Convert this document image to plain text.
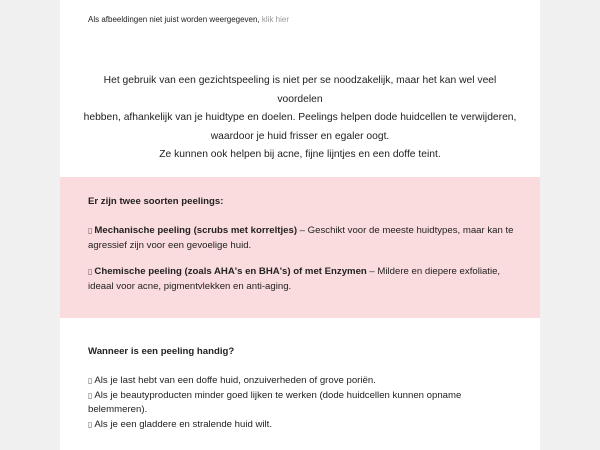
Als afbeeldingen niet juist worden weergegeven, klik hier

Het gebruik van een gezichtspeeling is niet per se noodzakelijk, maar het kan wel veel voordelen

hebben, afhankelijk van je huidtype en doelen. Peelings helpen dode huidcellen te verwijderen,

waardoor je huid frisser en egaler oogt.

Ze kunnen ook helpen bij acne, fijne lijntjes en een doffe teint.

Er zijn twee soorten peelings:

▯ Mechanische peeling (scrubs met korreltjes) – Geschikt voor de meeste huidtypes, maar kan te agressief zijn voor een gevoelige huid.

▯ Chemische peeling (zoals AHA's en BHA's) of met Enzymen – Mildere en diepere exfoliatie, ideaal voor acne, pigmentvlekken en anti-aging.

Wanneer is een peeling handig?

▯ Als je last hebt van een doffe huid, onzuiverheden of grove poriën.

▯ Als je beautyproducten minder goed lijken te werken (dode huidcellen kunnen opname belemmeren).

▯ Als je een gladdere en stralende huid wilt.
